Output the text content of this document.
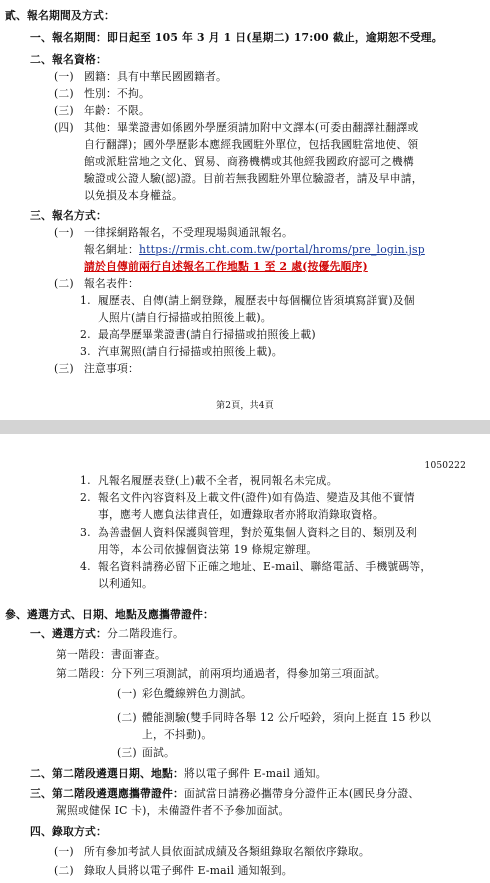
貳、報名期間及方式：
一、報名期間：即日起至 105 年 3 月 1 日(星期二) 17:00 截止，逾期恕不受理。
二、報名資格：
(一) 國籍：具有中華民國國籍者。
(二) 性別：不拘。
(三) 年齡：不限。
(四) 其他：畢業證書如係國外學歷須請加附中文譯本(可委由翻譯社翻譯或
自行翻譯)；國外學歷影本應經我國駐外單位，包括我國駐當地使、領
館或派駐當地之文化、貿易、商務機構或其他經我國政府認可之機構
驗證或公證人驗(認)證。目前若無我國駐外單位驗證者，請及早申請，
以免損及本身權益。
三、報名方式：
(一) 一律採網路報名，不受理現場與通訊報名。
報名網址：https://rmis.cht.com.tw/portal/hroms/pre_login.jsp
請於自傳前兩行自述報名工作地點 1 至 2 處(按優先順序)
(二) 報名表件：
1. 履歷表、自傳(請上網登錄，履歷表中每個欄位皆須填寫詳實)及個
人照片(請自行掃描或拍照後上載)。
2. 最高學歷畢業證書(請自行掃描或拍照後上載)
3. 汽車駕照(請自行掃描或拍照後上載)。
(三) 注意事項：
第2頁，共4頁
1050222
1. 凡報名履歷表登(上)載不全者，視同報名未完成。
2. 報名文件內容資料及上載文件(證件)如有偽造、變造及其他不實情
事，應考人應負法律責任，如遭錄取者亦將取消錄取資格。
3. 為善盡個人資料保護與管理，對於蒐集個人資料之目的、類別及利
用等，本公司依據個資法第 19 條規定辦理。
4. 報名資料請務必留下正確之地址、E-mail、聯絡電話、手機號碼等，
以利通知。
參、遴選方式、日期、地點及應攜帶證件：
一、遴選方式：分二階段進行。
第一階段：書面審查。
第二階段：分下列三項測試，前兩項均通過者，得參加第三項面試。
(一) 彩色纜線辨色力測試。
(二) 體能測驗(雙手同時各舉 12 公斤啞鈴，須向上挺直 15 秒以
上，不抖動)。
(三) 面試。
二、第二階段遴選日期、地點：將以電子郵件 E-mail 通知。
三、第二階段遴選應攜帶證件：面試當日請務必攜帶身分證件正本(國民身分證、
駕照或健保 IC 卡)，未備證件者不予參加面試。
四、錄取方式：
(一) 所有參加考試人員依面試成績及各類組錄取名額依序錄取。
(二) 錄取人員將以電子郵件 E-mail 通知報到。
